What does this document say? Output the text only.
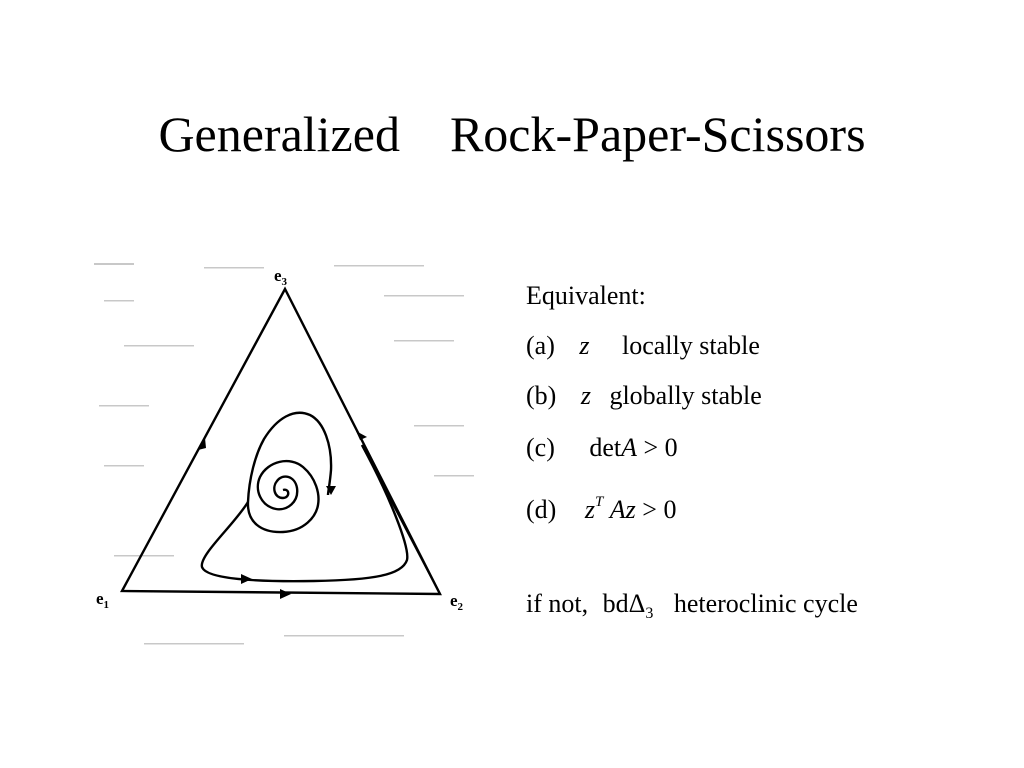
Generalized    Rock-Paper-Scissors
$e_3$
$e_1$	$e_2$
Equivalent:
(a) z locally stable
(b) z globally stable
(c) detA > 0
(d) $z^T$ Az > 0
if not, bdΔ$_3$ heteroclinic cycle
